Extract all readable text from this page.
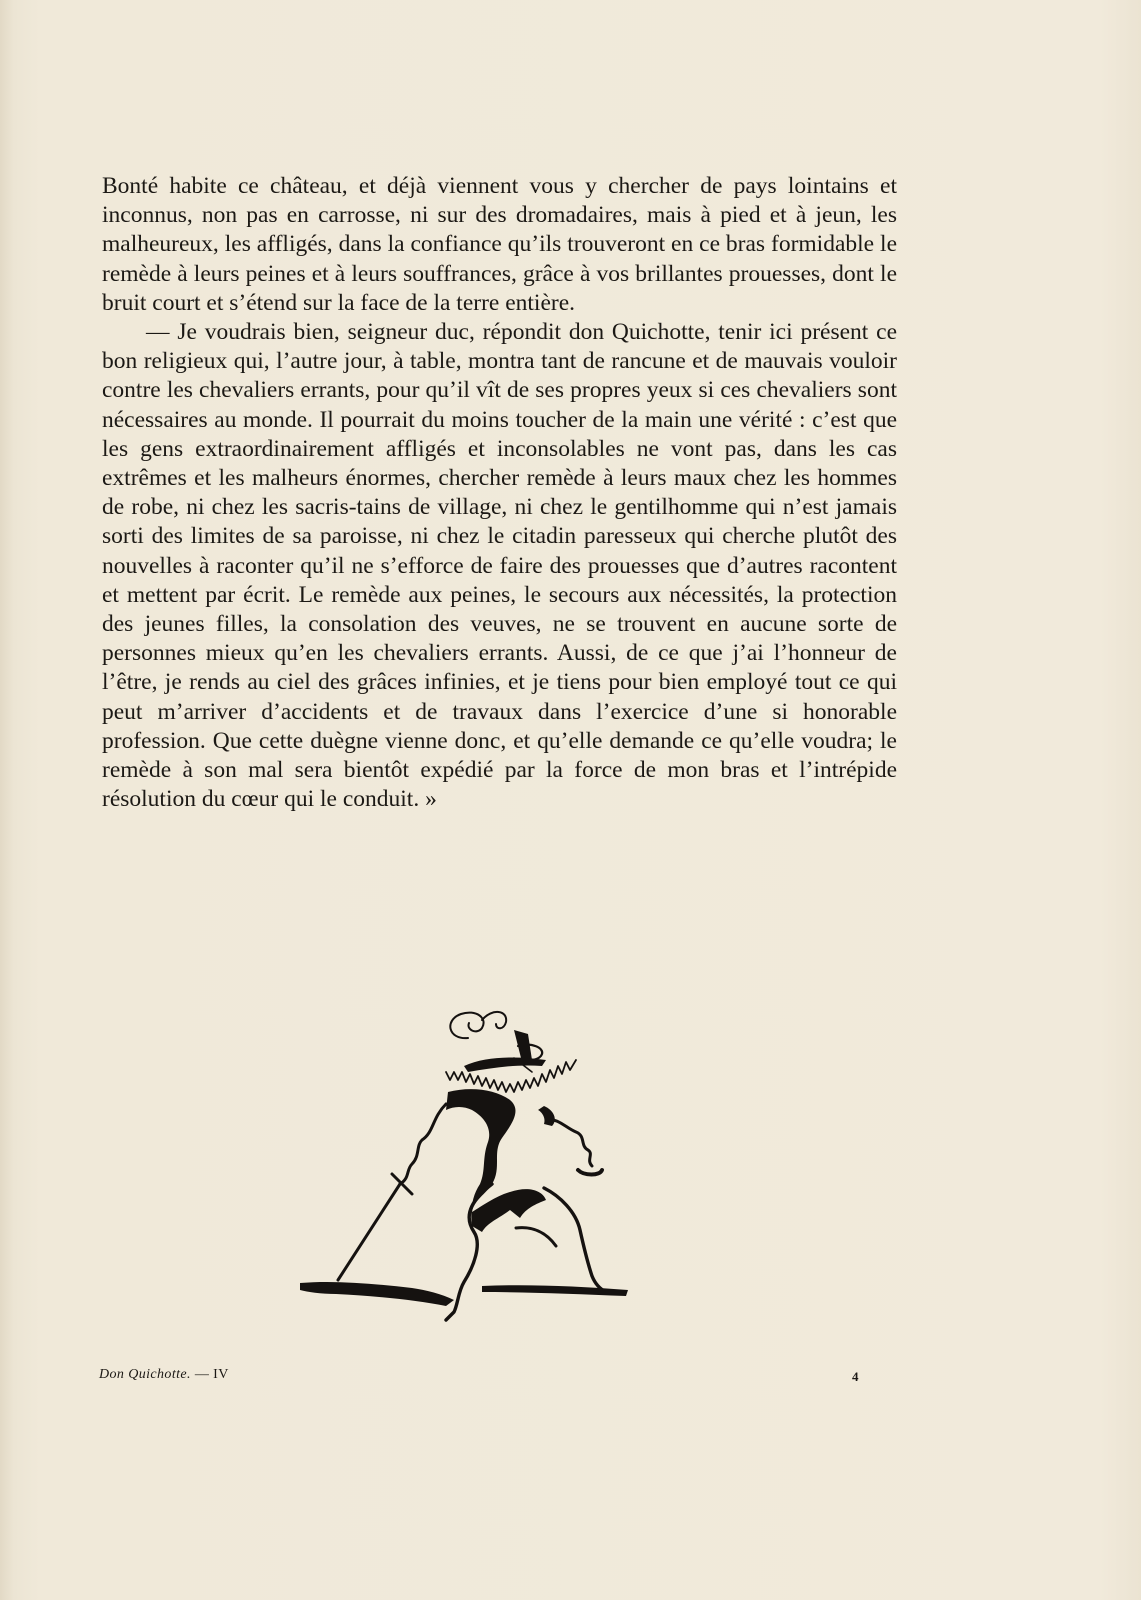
Bonté habite ce château, et déjà viennent vous y chercher de pays lointains et inconnus, non pas en carrosse, ni sur des dromadaires, mais à pied et à jeun, les malheureux, les affligés, dans la confiance qu’ils trouveront en ce bras formidable le remède à leurs peines et à leurs souffrances, grâce à vos brillantes prouesses, dont le bruit court et s’étend sur la face de la terre entière.

— Je voudrais bien, seigneur duc, répondit don Quichotte, tenir ici présent ce bon religieux qui, l’autre jour, à table, montra tant de rancune et de mauvais vouloir contre les chevaliers errants, pour qu’il vît de ses propres yeux si ces chevaliers sont nécessaires au monde. Il pourrait du moins toucher de la main une vérité : c’est que les gens extraordinairement affligés et inconsolables ne vont pas, dans les cas extrêmes et les malheurs énormes, chercher remède à leurs maux chez les hommes de robe, ni chez les sacris-tains de village, ni chez le gentilhomme qui n’est jamais sorti des limites de sa paroisse, ni chez le citadin paresseux qui cherche plutôt des nouvelles à raconter qu’il ne s’efforce de faire des prouesses que d’autres racontent et mettent par écrit. Le remède aux peines, le secours aux nécessités, la protection des jeunes filles, la consolation des veuves, ne se trouvent en aucune sorte de personnes mieux qu’en les chevaliers errants. Aussi, de ce que j’ai l’honneur de l’être, je rends au ciel des grâces infinies, et je tiens pour bien employé tout ce qui peut m’arriver d’accidents et de travaux dans l’exercice d’une si honorable profession. Que cette duègne vienne donc, et qu’elle demande ce qu’elle voudra; le remède à son mal sera bientôt expédié par la force de mon bras et l’intrépide résolution du cœur qui le conduit. »

Don Quichotte. — IV	4
